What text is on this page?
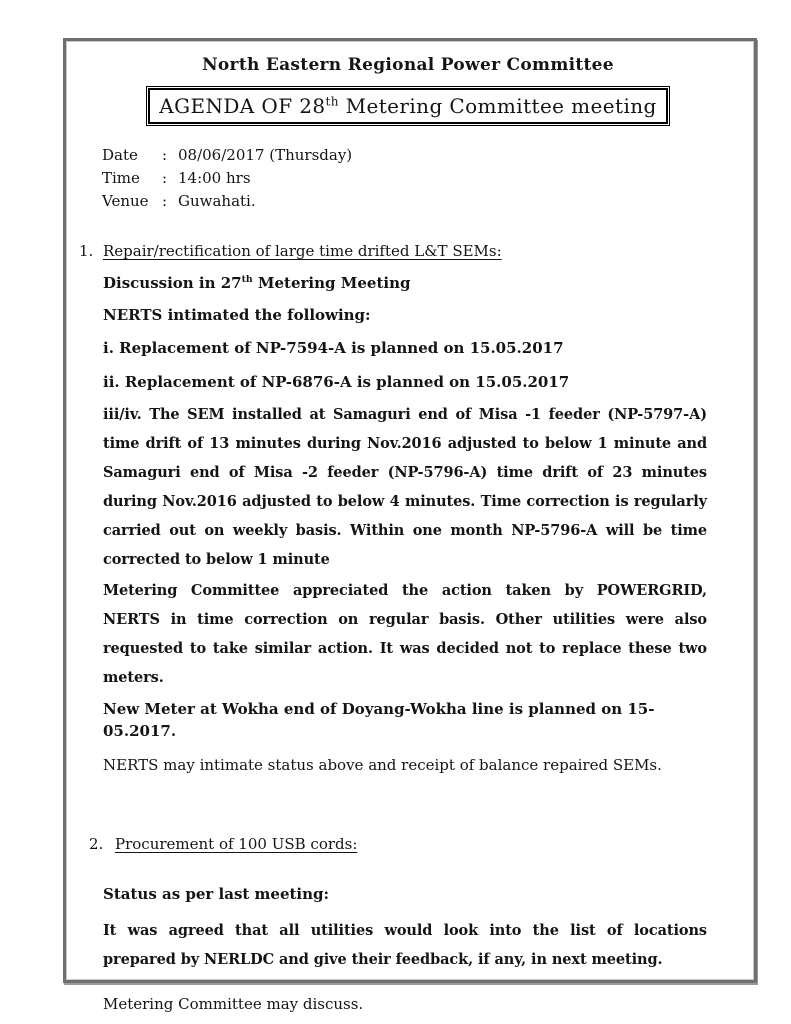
North Eastern Regional Power Committee
AGENDA OF 28th Metering Committee meeting
Date	: 08/06/2017 (Thursday)
Time	: 14:00 hrs
Venue : Guwahati.
1. Repair/rectification of large time drifted L&T SEMs:
Discussion in 27th Metering Meeting
NERTS intimated the following:
i. Replacement of NP-7594-A is planned on 15.05.2017
ii. Replacement of NP-6876-A is planned on 15.05.2017
iii/iv. The SEM installed at Samaguri end of Misa -1 feeder (NP-5797-A) time drift of 13 minutes during Nov.2016 adjusted to below 1 minute and Samaguri end of Misa -2 feeder (NP-5796-A) time drift of 23 minutes during Nov.2016 adjusted to below 4 minutes. Time correction is regularly carried out on weekly basis. Within one month NP-5796-A will be time corrected to below 1 minute
Metering Committee appreciated the action taken by POWERGRID, NERTS in time correction on regular basis. Other utilities were also requested to take similar action. It was decided not to replace these two meters.
New Meter at Wokha end of Doyang-Wokha line is planned on 15-05.2017.
NERTS may intimate status above and receipt of balance repaired SEMs.
2. Procurement of 100 USB cords:
Status as per last meeting:
It was agreed that all utilities would look into the list of locations prepared by NERLDC and give their feedback, if any, in next meeting.
Metering Committee may discuss.
